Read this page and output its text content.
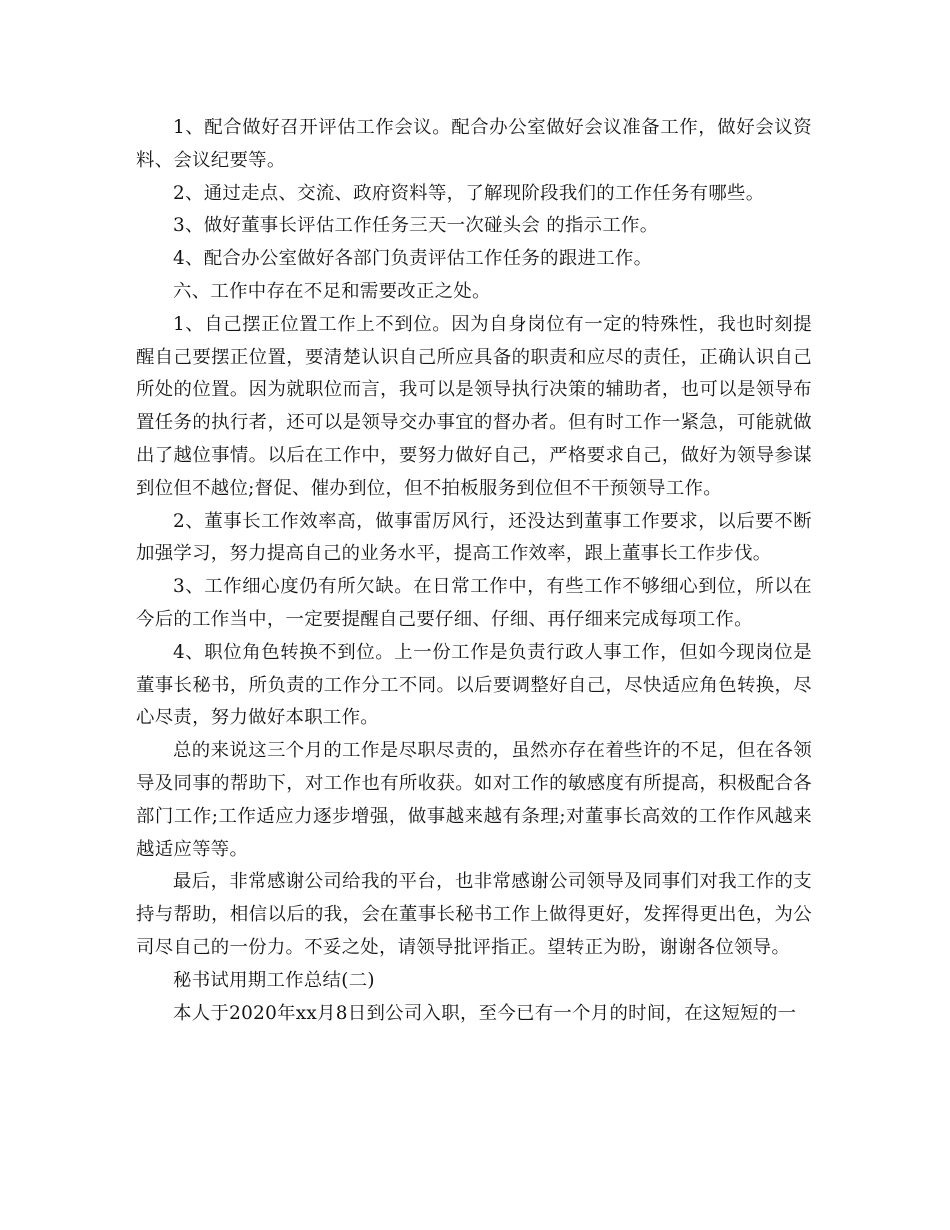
1、配合做好召开评估工作会议。配合办公室做好会议准备工作，做好会议资料、会议纪要等。

2、通过走点、交流、政府资料等，了解现阶段我们的工作任务有哪些。

3、做好董事长评估工作任务三天一次碰头会 的指示工作。

4、配合办公室做好各部门负责评估工作任务的跟进工作。

六、工作中存在不足和需要改正之处。

1、自己摆正位置工作上不到位。因为自身岗位有一定的特殊性，我也时刻提醒自己要摆正位置，要清楚认识自己所应具备的职责和应尽的责任，正确认识自己所处的位置。因为就职位而言，我可以是领导执行决策的辅助者，也可以是领导布置任务的执行者，还可以是领导交办事宜的督办者。但有时工作一紧急，可能就做出了越位事情。以后在工作中，要努力做好自己，严格要求自己，做好为领导参谋到位但不越位;督促、催办到位，但不拍板服务到位但不干预领导工作。

2、董事长工作效率高，做事雷厉风行，还没达到董事工作要求，以后要不断加强学习，努力提高自己的业务水平，提高工作效率，跟上董事长工作步伐。

3、工作细心度仍有所欠缺。在日常工作中，有些工作不够细心到位，所以在今后的工作当中，一定要提醒自己要仔细、仔细、再仔细来完成每项工作。

4、职位角色转换不到位。上一份工作是负责行政人事工作，但如今现岗位是董事长秘书，所负责的工作分工不同。以后要调整好自己，尽快适应角色转换，尽心尽责，努力做好本职工作。

总的来说这三个月的工作是尽职尽责的，虽然亦存在着些许的不足，但在各领导及同事的帮助下，对工作也有所收获。如对工作的敏感度有所提高，积极配合各部门工作;工作适应力逐步增强，做事越来越有条理;对董事长高效的工作作风越来越适应等等。

最后，非常感谢公司给我的平台，也非常感谢公司领导及同事们对我工作的支持与帮助，相信以后的我，会在董事长秘书工作上做得更好，发挥得更出色，为公司尽自己的一份力。不妥之处，请领导批评指正。望转正为盼，谢谢各位领导。

秘书试用期工作总结(二)

本人于2020年xx月8日到公司入职，至今已有一个月的时间，在这短短的一
